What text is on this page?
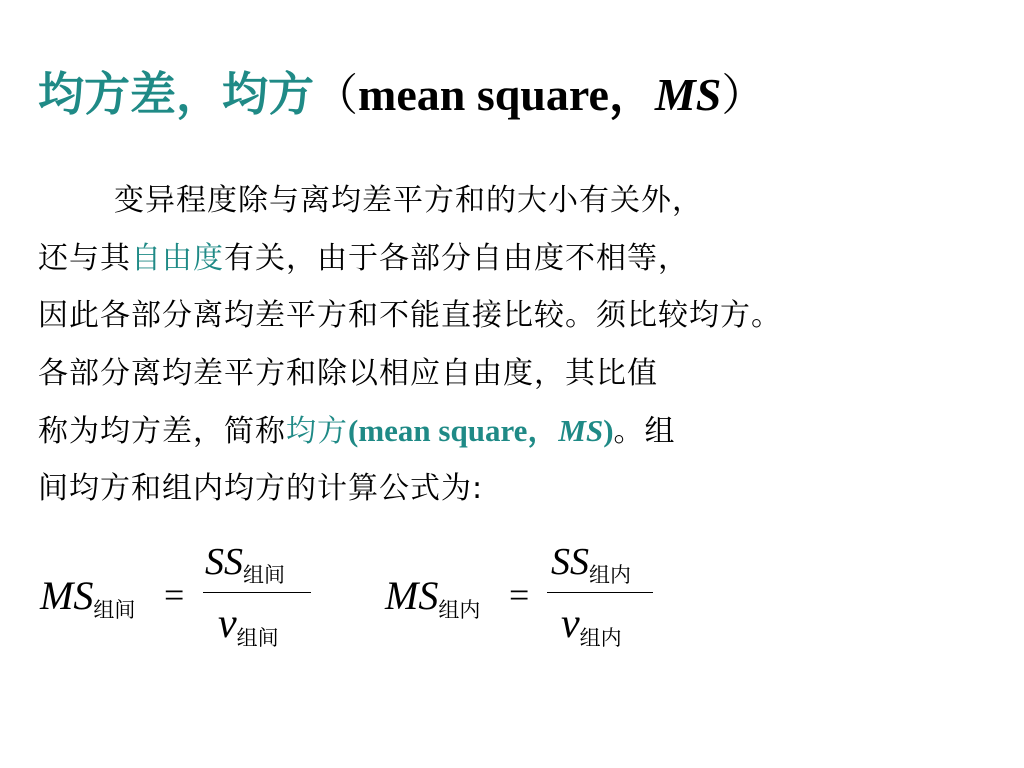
均方差，均方（mean square，MS）
变异程度除与离均差平方和的大小有关外，
还与其自由度有关，由于各部分自由度不相等，
因此各部分离均差平方和不能直接比较。须比较均方。
各部分离均差平方和除以相应自由度，其比值
称为均方差，简称均方(mean square，MS)。组
间均方和组内均方的计算公式为:
MS组间 =
SS组间
ν组间
MS组内 =
SS组内
ν组内
